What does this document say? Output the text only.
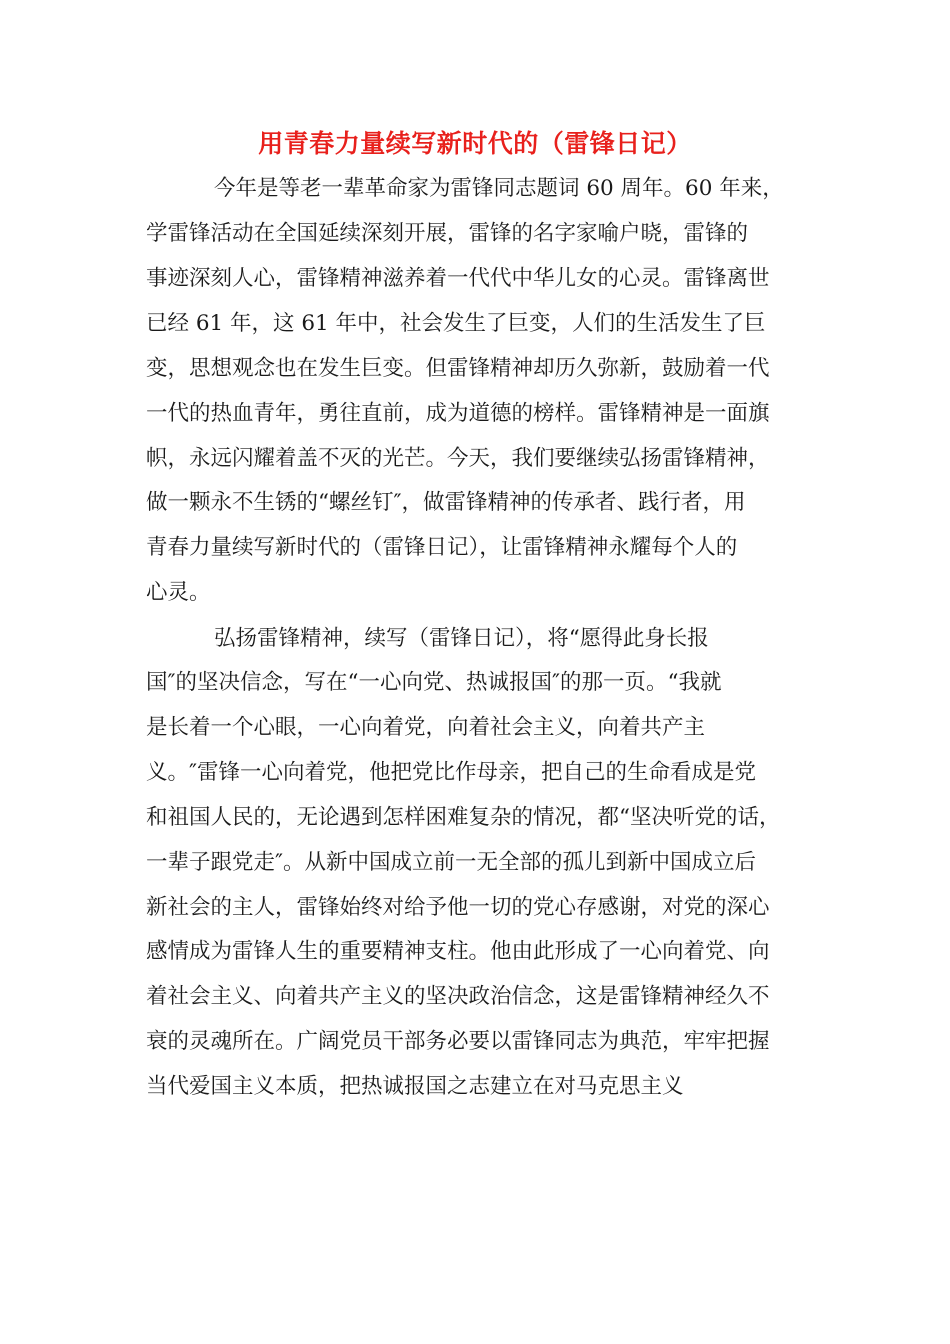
用青春力量续写新时代的（雷锋日记）
今年是等老一辈革命家为雷锋同志题词 60 周年。60 年来，
学雷锋活动在全国延续深刻开展，雷锋的名字家喻户晓，雷锋的
事迹深刻人心，雷锋精神滋养着一代代中华儿女的心灵。雷锋离世
已经 61 年，这 61 年中，社会发生了巨变，人们的生活发生了巨
变，思想观念也在发生巨变。但雷锋精神却历久弥新，鼓励着一代
一代的热血青年，勇往直前，成为道德的榜样。雷锋精神是一面旗
帜，永远闪耀着盖不灭的光芒。今天，我们要继续弘扬雷锋精神，
做一颗永不生锈的“螺丝钉″，做雷锋精神的传承者、践行者，用
青春力量续写新时代的（雷锋日记），让雷锋精神永耀每个人的
心灵。
弘扬雷锋精神，续写（雷锋日记），将“愿得此身长报
国″的坚决信念，写在“一心向党、热诚报国″的那一页。“我就
是长着一个心眼，一心向着党，向着社会主义，向着共产主
义。″雷锋一心向着党，他把党比作母亲，把自己的生命看成是党
和祖国人民的，无论遇到怎样困难复杂的情况，都“坚决听党的话，
一辈子跟党走″。从新中国成立前一无全部的孤儿到新中国成立后
新社会的主人，雷锋始终对给予他一切的党心存感谢，对党的深心
感情成为雷锋人生的重要精神支柱。他由此形成了一心向着党、向
着社会主义、向着共产主义的坚决政治信念，这是雷锋精神经久不
衰的灵魂所在。广阔党员干部务必要以雷锋同志为典范，牢牢把握
当代爱国主义本质，把热诚报国之志建立在对马克思主义
